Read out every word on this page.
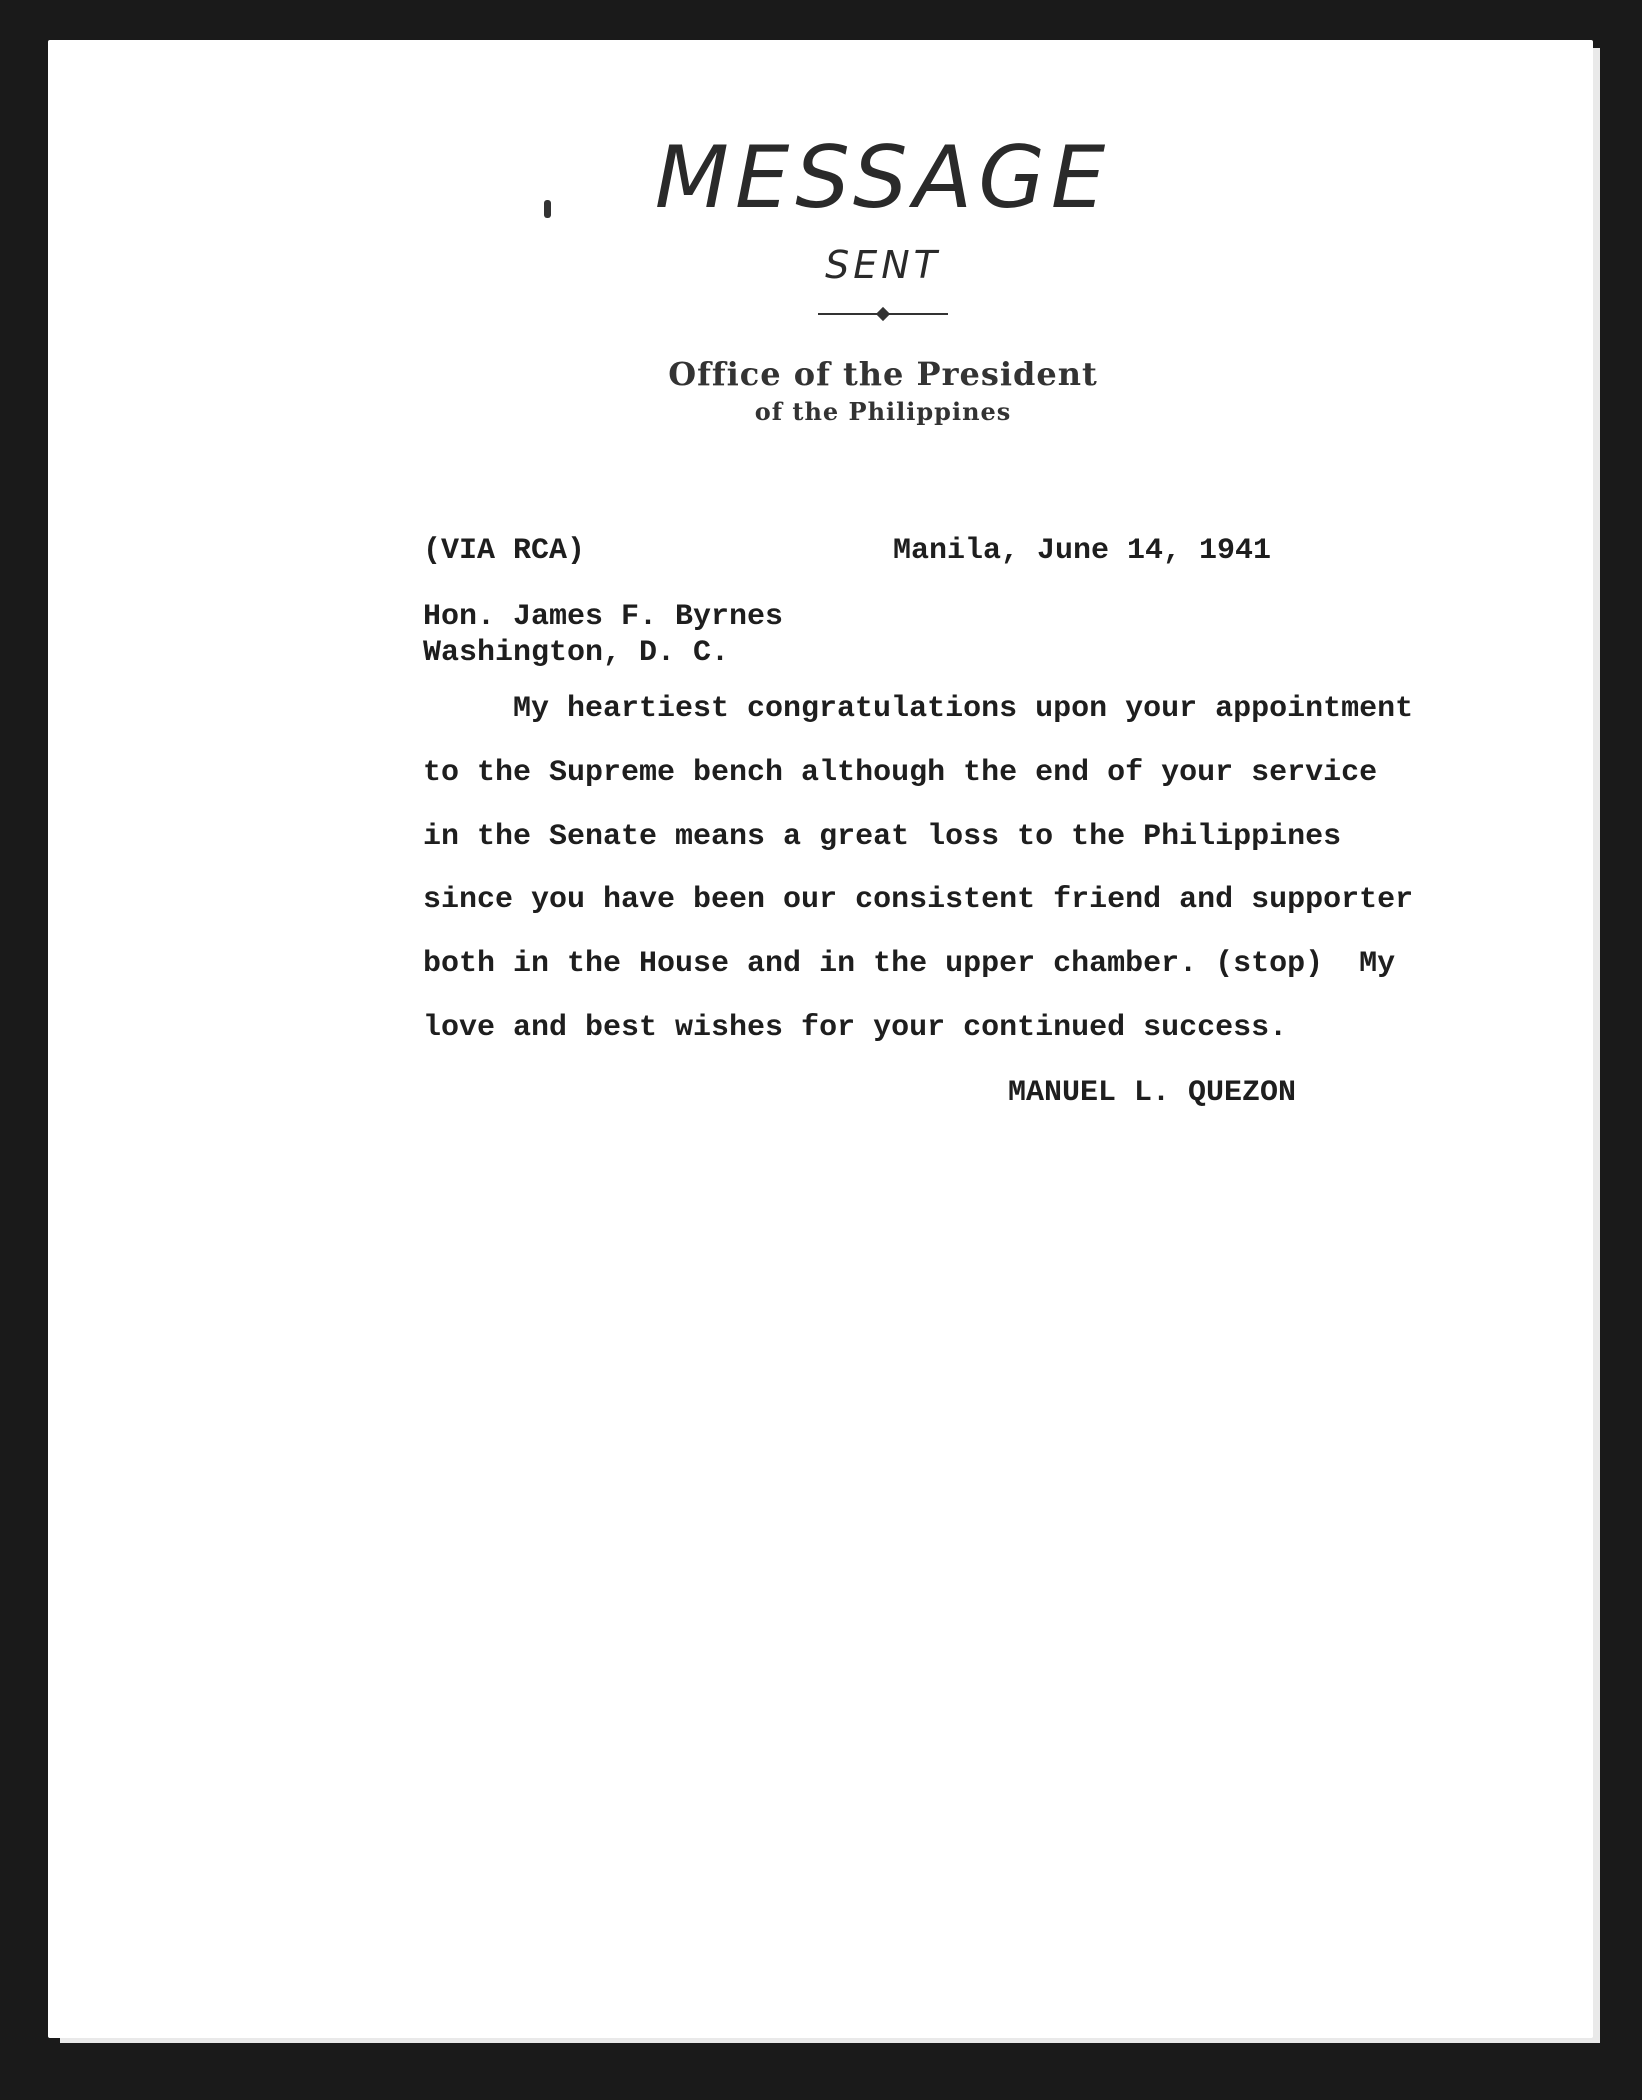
MESSAGE
SENT
Office of the President
of the Philippines
(VIA RCA)	Manila, June 14, 1941
Hon. James F. Byrnes
Washington, D. C.
My heartiest congratulations upon your appointment
to the Supreme bench although the end of your service
in the Senate means a great loss to the Philippines
since you have been our consistent friend and supporter
both in the House and in the upper chamber. (stop)  My
love and best wishes for your continued success.
MANUEL L. QUEZON
